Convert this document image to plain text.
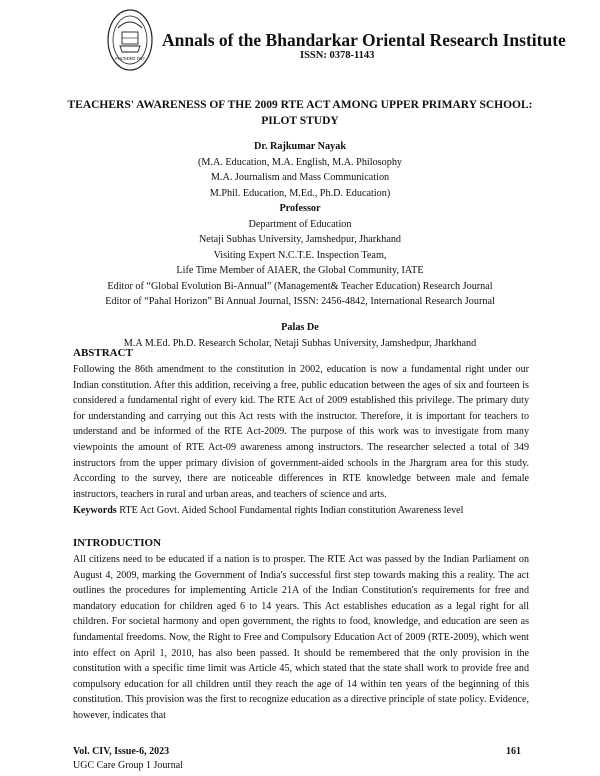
FOUNDED 1917
Annals of the Bhandarkar Oriental Research Institute
ISSN: 0378-1143
TEACHERS' AWARENESS OF THE 2009 RTE ACT AMONG UPPER PRIMARY SCHOOL: PILOT STUDY
Dr. Rajkumar Nayak
(M.A. Education, M.A. English, M.A. Philosophy
M.A. Journalism and Mass Communication
M.Phil. Education, M.Ed., Ph.D. Education)
Professor
Department of Education
Netaji Subhas University, Jamshedpur, Jharkhand
Visiting Expert N.C.T.E. Inspection Team,
Life Time Member of AIAER, the Global Community, IATE
Editor of “Global Evolution Bi-Annual” (Management& Teacher Education) Research Journal
Editor of “Pahal Horizon” Bi Annual Journal, ISSN: 2456-4842, International Research Journal
Palas De
M.A M.Ed. Ph.D. Research Scholar, Netaji Subhas University, Jamshedpur, Jharkhand
ABSTRACT
Following the 86th amendment to the constitution in 2002, education is now a fundamental right under our Indian constitution. After this addition, receiving a free, public education between the ages of six and fourteen is considered a fundamental right of every kid. The RTE Act of 2009 established this privilege. The primary duty for understanding and carrying out this Act rests with the instructor. Therefore, it is important for teachers to understand and be informed of the RTE Act-2009. The purpose of this work was to investigate from many viewpoints the amount of RTE Act-09 awareness among instructors. The researcher selected a total of 349 instructors from the upper primary division of government-aided schools in the Jhargram area for this study. According to the survey, there are noticeable differences in RTE knowledge between male and female instructors, teachers in rural and urban areas, and teachers of science and arts.
Keywords RTE Act Govt. Aided School Fundamental rights Indian constitution Awareness level
INTRODUCTION
All citizens need to be educated if a nation is to prosper. The RTE Act was passed by the Indian Parliament on August 4, 2009, marking the Government of India's successful first step towards making this a reality. The act outlines the procedures for implementing Article 21A of the Indian Constitution's requirements for free and mandatory education for children aged 6 to 14 years. This Act establishes education as a legal right for all children. For societal harmony and open government, the rights to food, knowledge, and education are seen as fundamental freedoms. Now, the Right to Free and Compulsory Education Act of 2009 (RTE-2009), which went into effect on April 1, 2010, has also been passed. It should be remembered that the only provision in the constitution with a specific time limit was Article 45, which stated that the state shall work to provide free and compulsory education for all children until they reach the age of 14 within ten years of the beginning of this constitution. This provision was the first to recognize education as a directive principle of state policy. Evidence, however, indicates that
Vol. CIV, Issue-6, 2023
UGC Care Group 1 Journal
161
